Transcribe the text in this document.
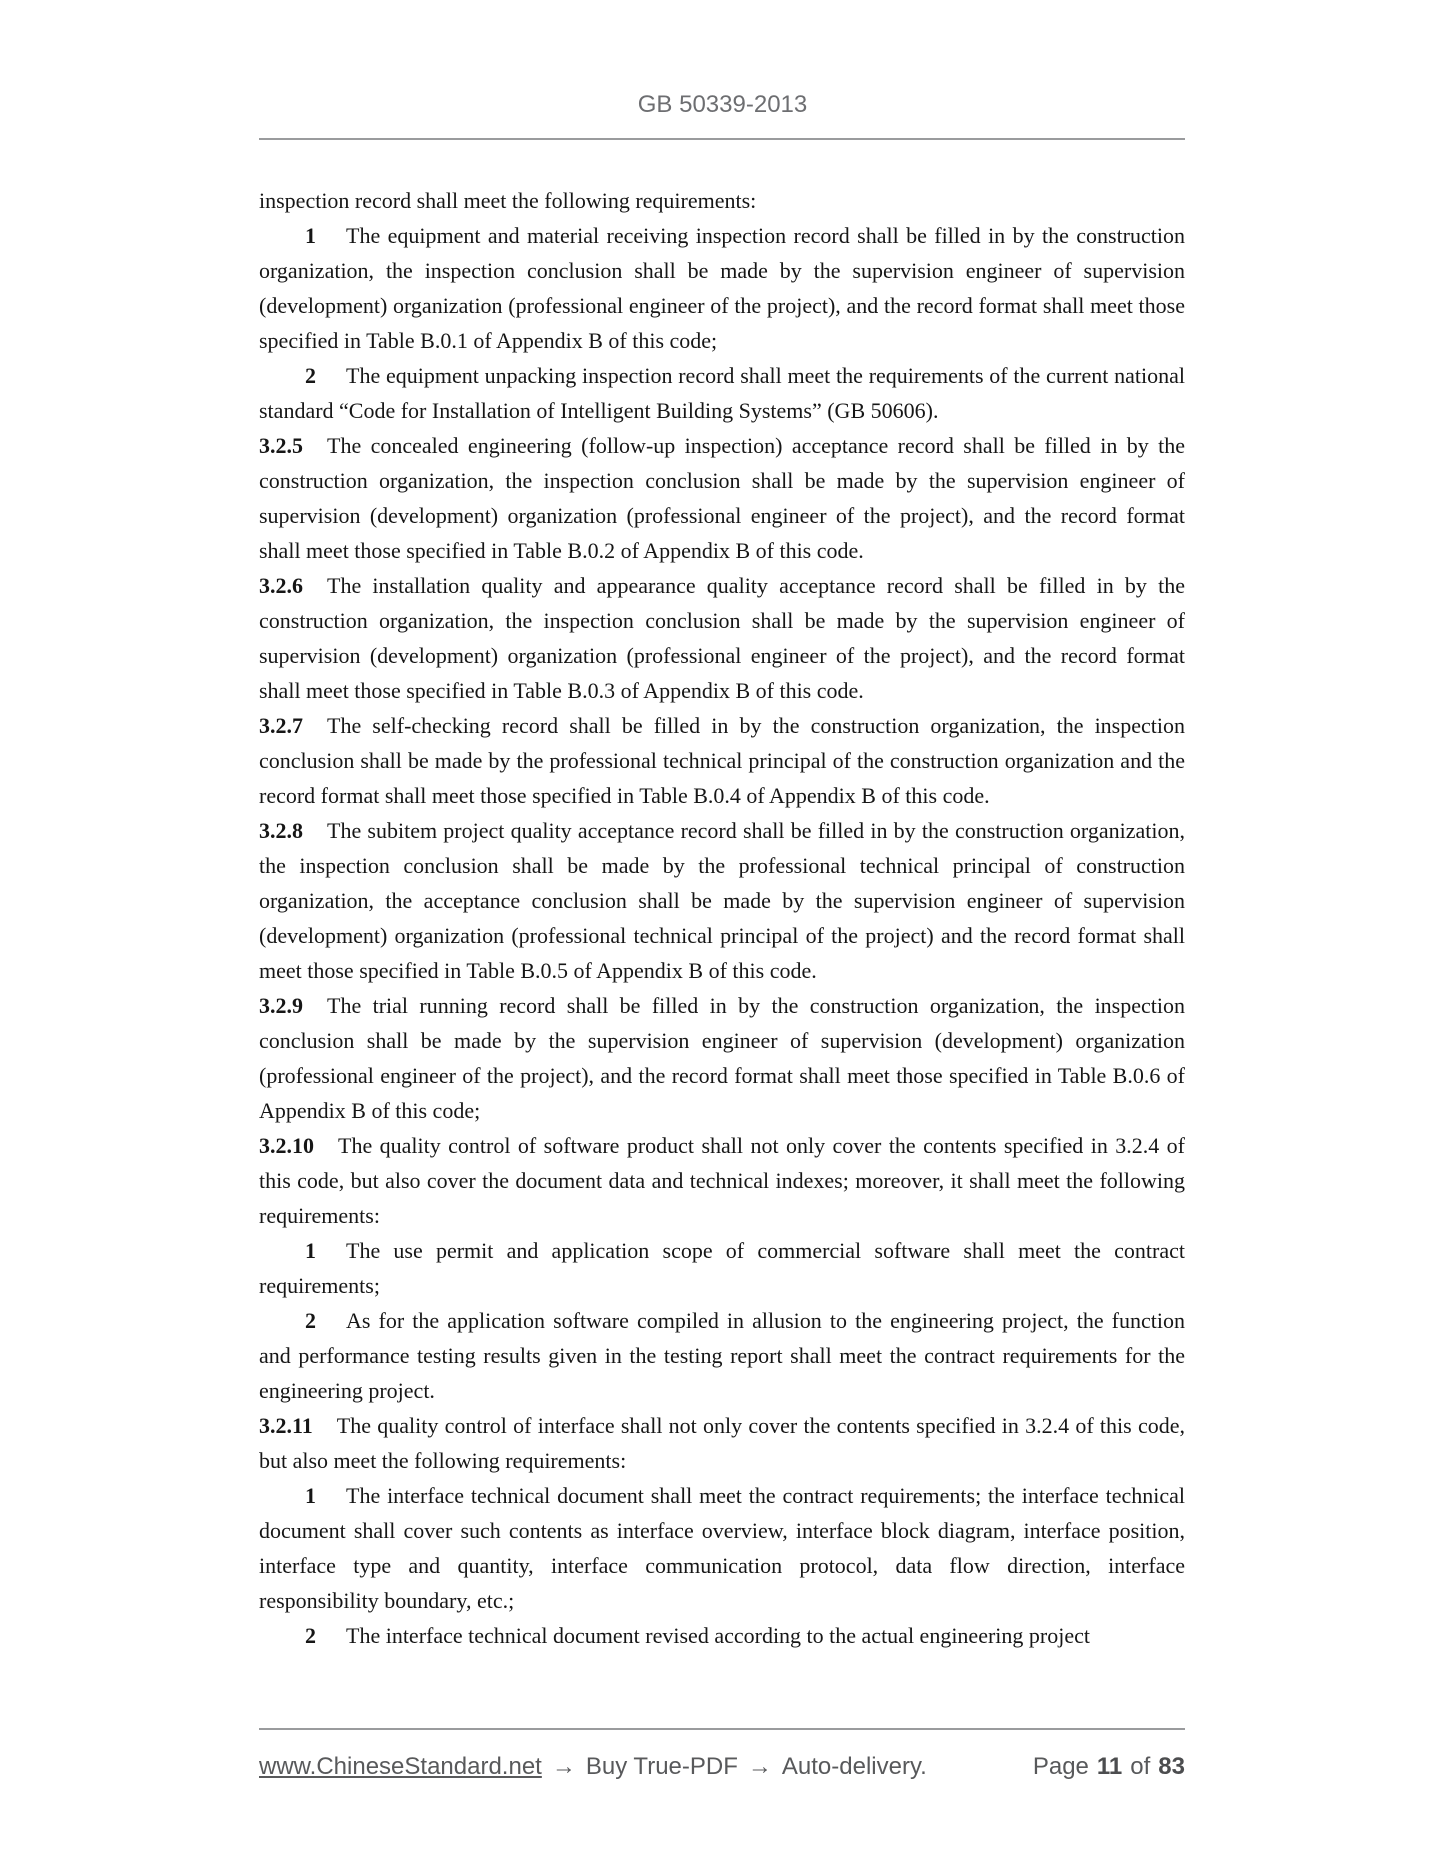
GB 50339-2013

inspection record shall meet the following requirements:

1 The equipment and material receiving inspection record shall be filled in by the construction organization, the inspection conclusion shall be made by the supervision engineer of supervision (development) organization (professional engineer of the project), and the record format shall meet those specified in Table B.0.1 of Appendix B of this code;

2 The equipment unpacking inspection record shall meet the requirements of the current national standard “Code for Installation of Intelligent Building Systems” (GB 50606).

3.2.5 The concealed engineering (follow-up inspection) acceptance record shall be filled in by the construction organization, the inspection conclusion shall be made by the supervision engineer of supervision (development) organization (professional engineer of the project), and the record format shall meet those specified in Table B.0.2 of Appendix B of this code.

3.2.6 The installation quality and appearance quality acceptance record shall be filled in by the construction organization, the inspection conclusion shall be made by the supervision engineer of supervision (development) organization (professional engineer of the project), and the record format shall meet those specified in Table B.0.3 of Appendix B of this code.

3.2.7 The self-checking record shall be filled in by the construction organization, the inspection conclusion shall be made by the professional technical principal of the construction organization and the record format shall meet those specified in Table B.0.4 of Appendix B of this code.

3.2.8 The subitem project quality acceptance record shall be filled in by the construction organization, the inspection conclusion shall be made by the professional technical principal of construction organization, the acceptance conclusion shall be made by the supervision engineer of supervision (development) organization (professional technical principal of the project) and the record format shall meet those specified in Table B.0.5 of Appendix B of this code.

3.2.9 The trial running record shall be filled in by the construction organization, the inspection conclusion shall be made by the supervision engineer of supervision (development) organization (professional engineer of the project), and the record format shall meet those specified in Table B.0.6 of Appendix B of this code;

3.2.10 The quality control of software product shall not only cover the contents specified in 3.2.4 of this code, but also cover the document data and technical indexes; moreover, it shall meet the following requirements:

1 The use permit and application scope of commercial software shall meet the contract requirements;

2 As for the application software compiled in allusion to the engineering project, the function and performance testing results given in the testing report shall meet the contract requirements for the engineering project.

3.2.11 The quality control of interface shall not only cover the contents specified in 3.2.4 of this code, but also meet the following requirements:

1 The interface technical document shall meet the contract requirements; the interface technical document shall cover such contents as interface overview, interface block diagram, interface position, interface type and quantity, interface communication protocol, data flow direction, interface responsibility boundary, etc.;

2 The interface technical document revised according to the actual engineering project

www.ChineseStandard.net → Buy True-PDF → Auto-delivery.	Page 11 of 83
